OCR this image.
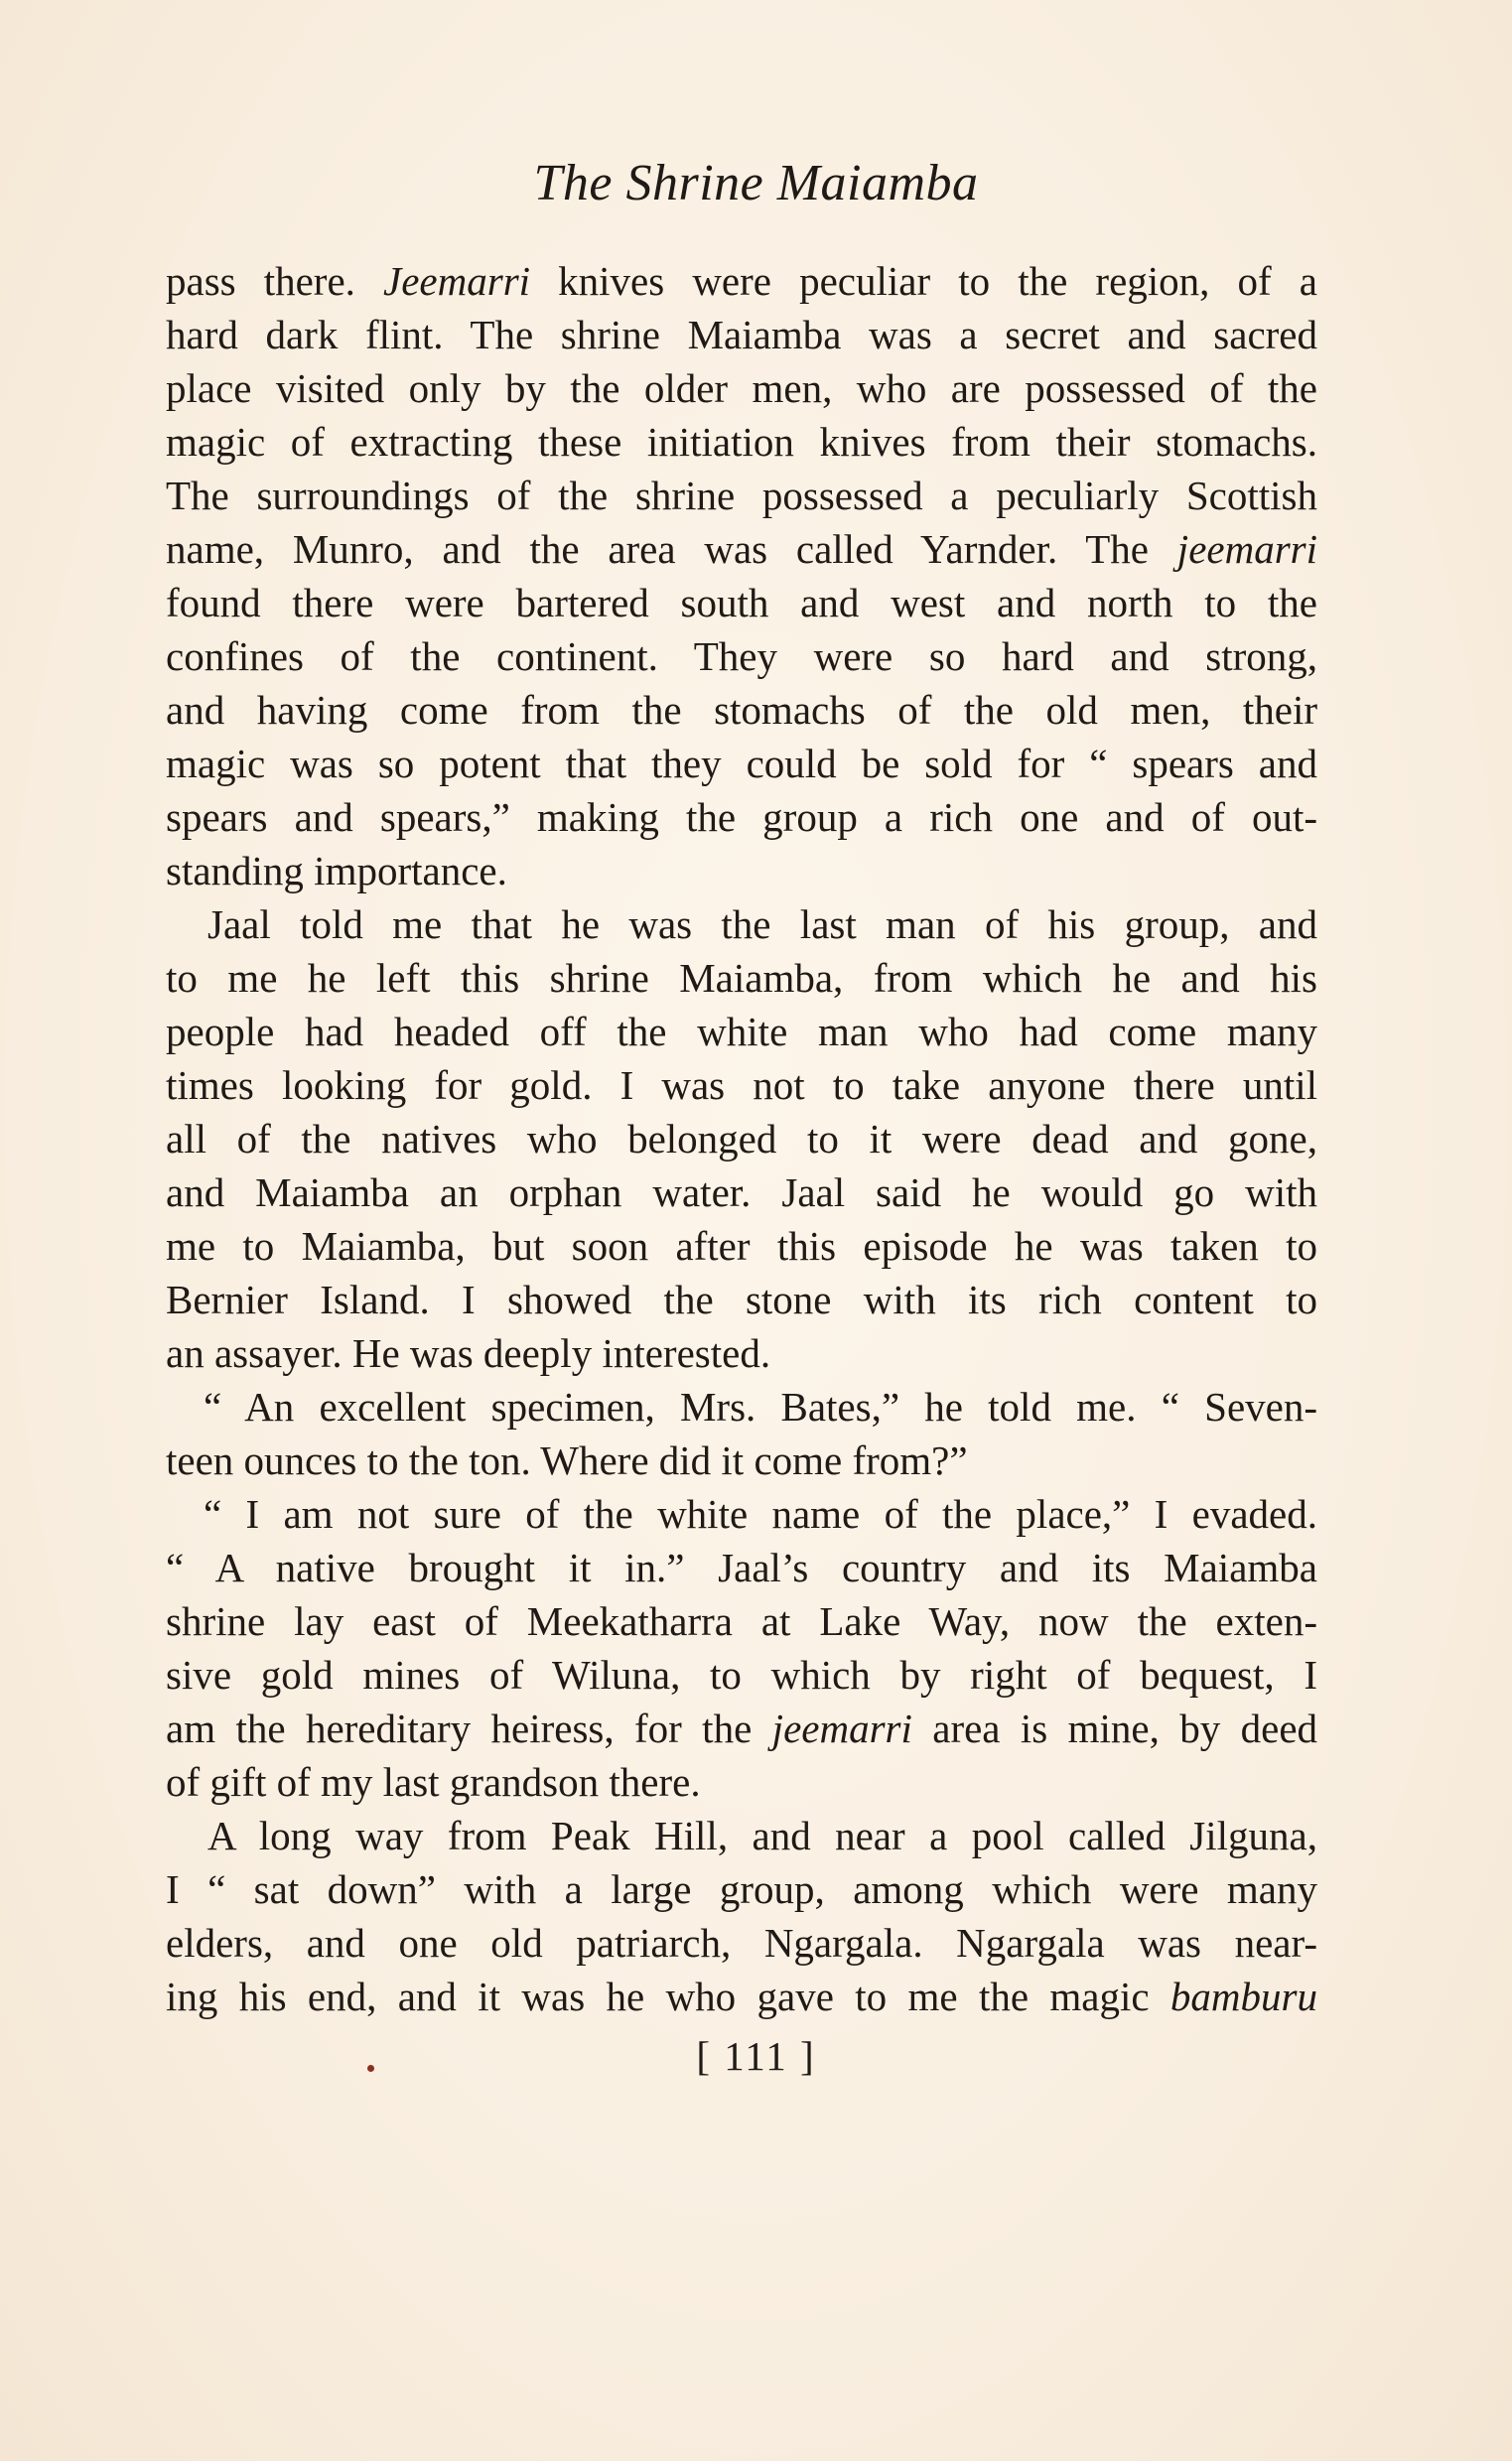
The Shrine Maiamba
pass there. Jeemarri knives were peculiar to the region, of a
hard dark flint. The shrine Maiamba was a secret and sacred
place visited only by the older men, who are possessed of the
magic of extracting these initiation knives from their stomachs.
The surroundings of the shrine possessed a peculiarly Scottish
name, Munro, and the area was called Yarnder. The jeemarri
found there were bartered south and west and north to the
confines of the continent. They were so hard and strong,
and having come from the stomachs of the old men, their
magic was so potent that they could be sold for “ spears and
spears and spears,” making the group a rich one and of out-
standing importance.
Jaal told me that he was the last man of his group, and
to me he left this shrine Maiamba, from which he and his
people had headed off the white man who had come many
times looking for gold. I was not to take anyone there until
all of the natives who belonged to it were dead and gone,
and Maiamba an orphan water. Jaal said he would go with
me to Maiamba, but soon after this episode he was taken to
Bernier Island. I showed the stone with its rich content to
an assayer. He was deeply interested.
“ An excellent specimen, Mrs. Bates,” he told me. “ Seven-
teen ounces to the ton. Where did it come from?”
“ I am not sure of the white name of the place,” I evaded.
“ A native brought it in.” Jaal’s country and its Maiamba
shrine lay east of Meekatharra at Lake Way, now the exten-
sive gold mines of Wiluna, to which by right of bequest, I
am the hereditary heiress, for the jeemarri area is mine, by deed
of gift of my last grandson there.
A long way from Peak Hill, and near a pool called Jilguna,
I “ sat down” with a large group, among which were many
elders, and one old patriarch, Ngargala. Ngargala was near-
ing his end, and it was he who gave to me the magic bamburu
[ 111 ]
